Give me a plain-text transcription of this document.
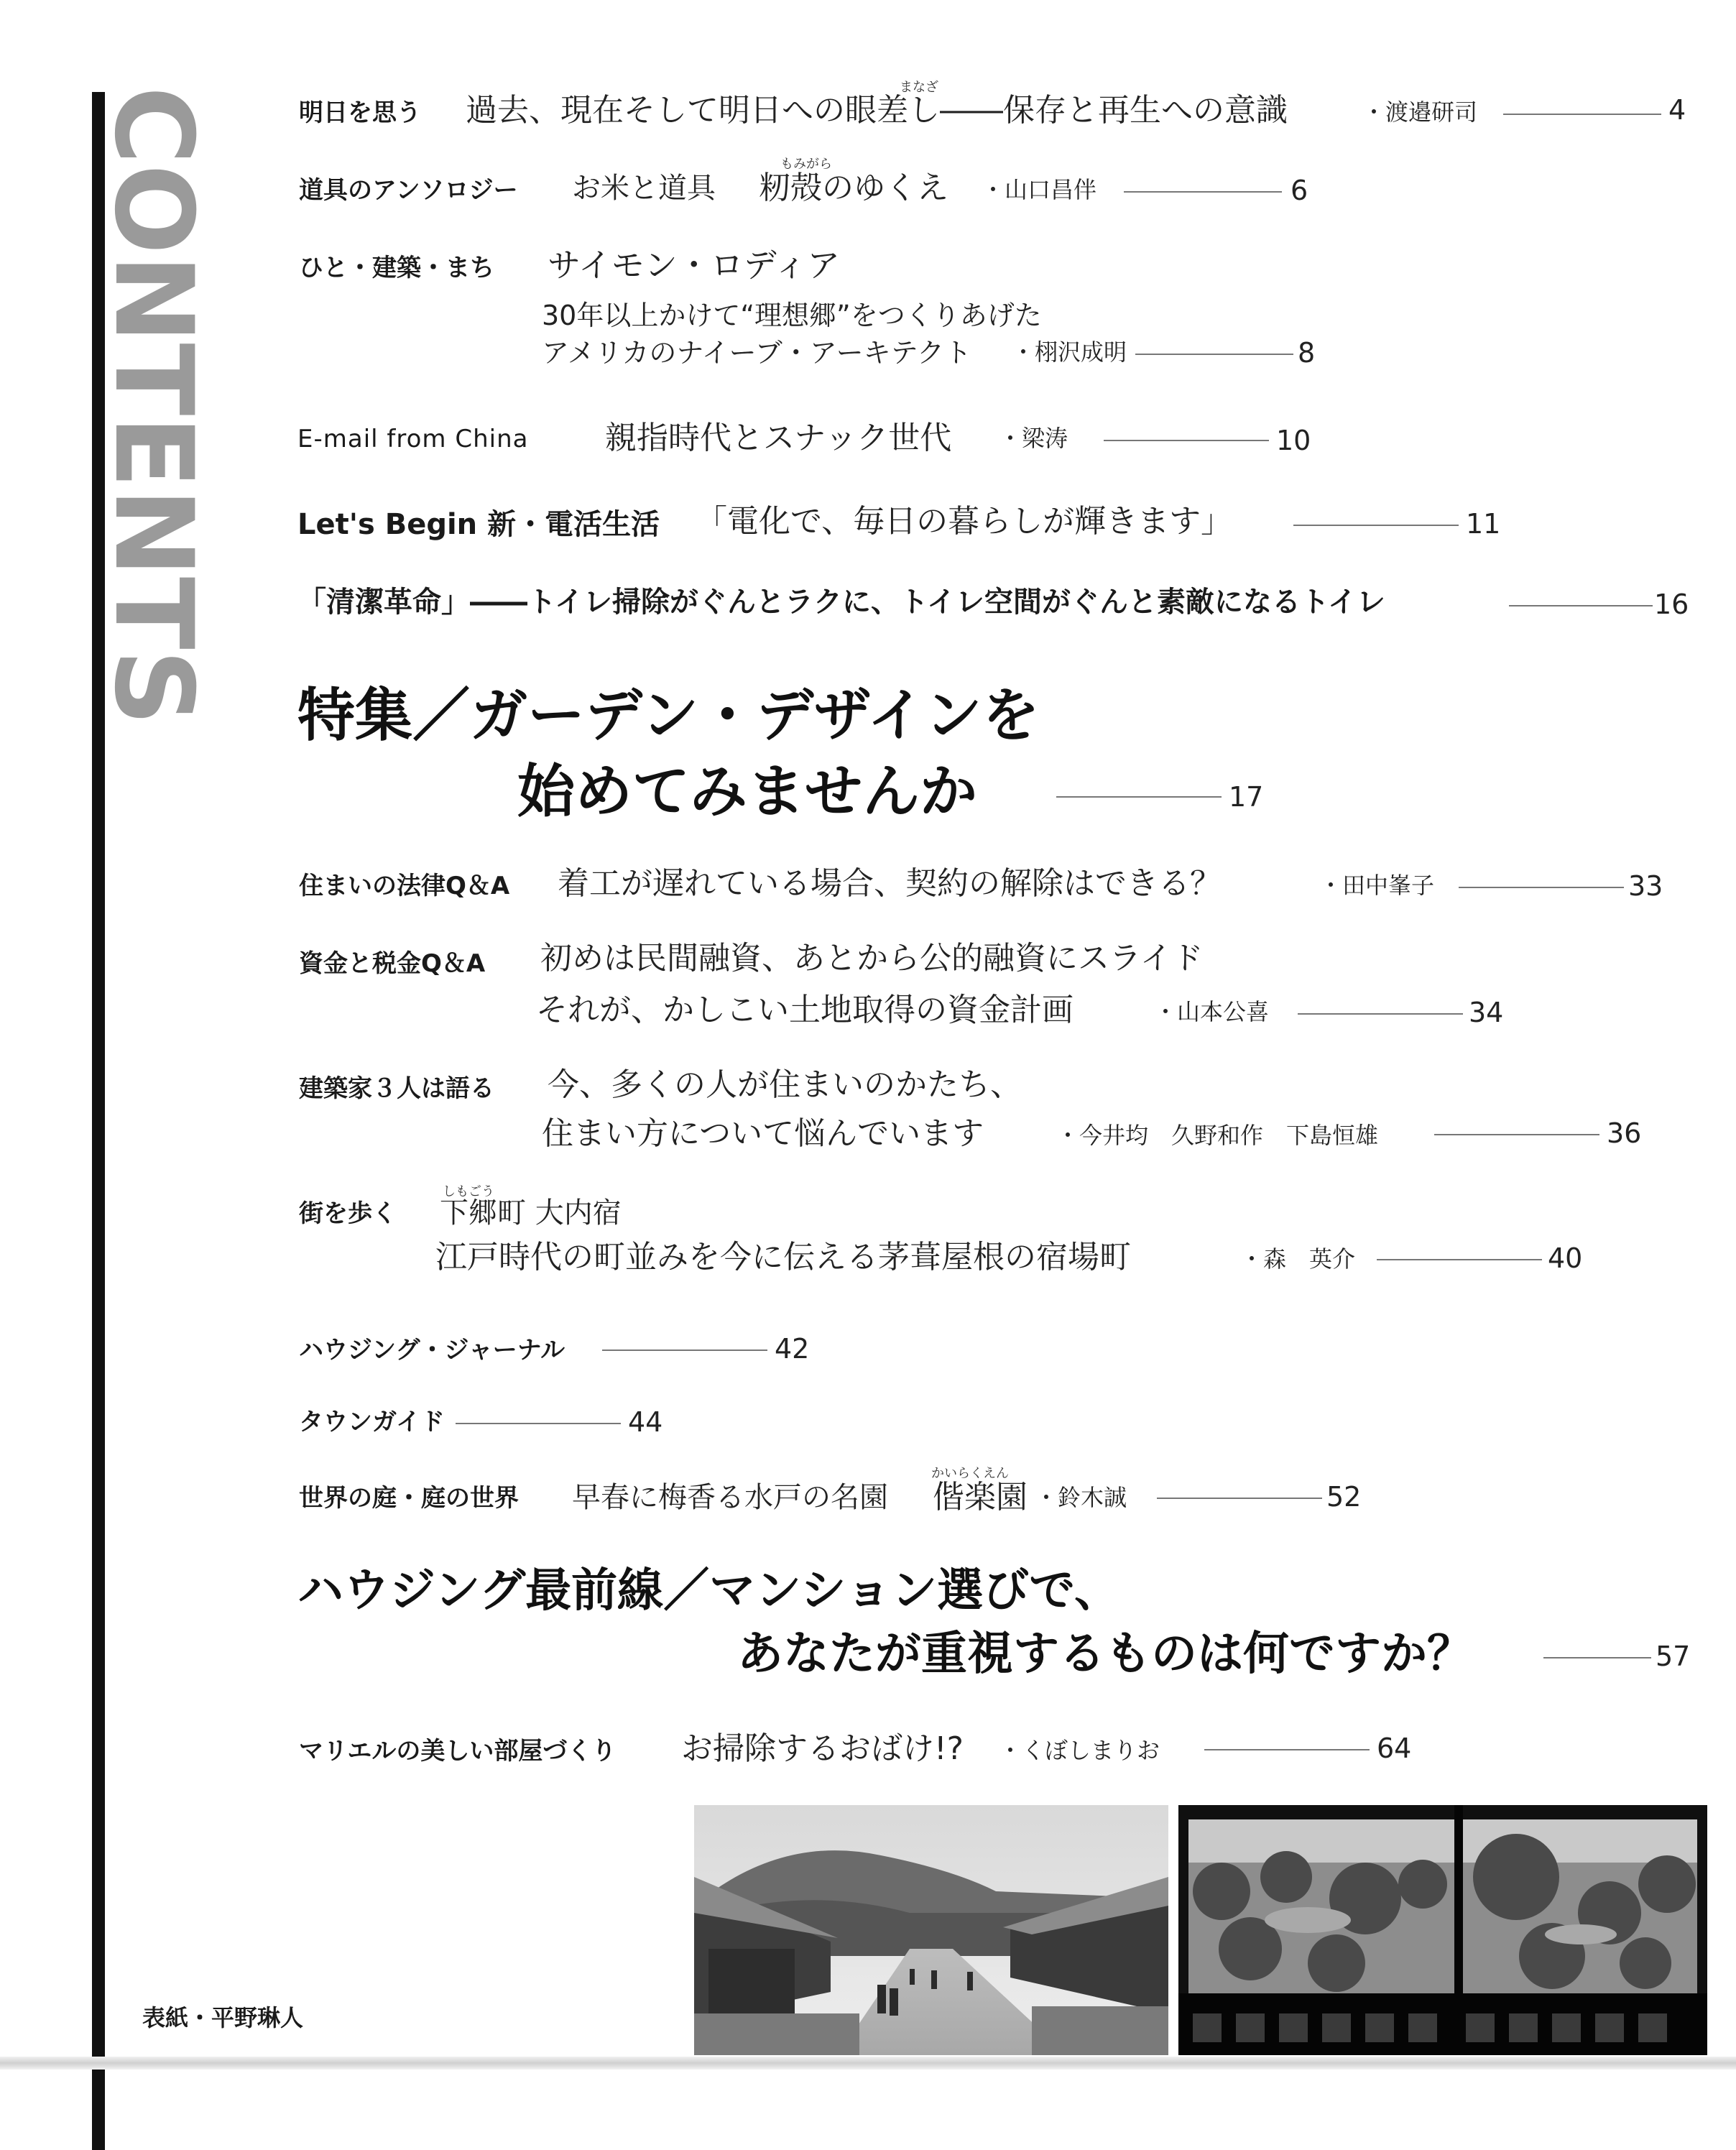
CONTENTS	明日を思う
まなざ
過去、現在そして明日への眼差し――保存と再生への意識	・渡邉研司	4
道具のアンソロジー お米と道具
もみがら
籾殻のゆくえ ・山口昌伴	6
ひと・建築・まち サイモン・ロディア
30年以上かけて“理想郷”をつくりあげた
アメリカのナイーブ・アーキテクト ・栩沢成明	8
E-mail from China 親指時代とスナック世代 ・梁涛	10
Let's Begin 新・電活生活 「電化で、毎日の暮らしが輝きます」	11
「清潔革命」――トイレ掃除がぐんとラクに、トイレ空間がぐんと素敵になるトイレ	16
特集／ガーデン・デザインを
始めてみませんか	17
住まいの法律Q＆A 着工が遅れている場合、契約の解除はできる？	・田中峯子	33
資金と税金Q＆A 初めは民間融資、あとから公的融資にスライド
それが、かしこい土地取得の資金計画	・山本公喜	34
建築家３人は語る 今、多くの人が住まいのかたち、
住まい方について悩んでいます	・今井均　久野和作　下島恒雄	36
街を歩く
しもごう
下郷町 大内宿
江戸時代の町並みを今に伝える茅葺屋根の宿場町	・森　英介	40
ハウジング・ジャーナル	42
タウンガイド	44
世界の庭・庭の世界 早春に梅香る水戸の名園
かいらくえん
偕楽園 ・鈴木誠	52
ハウジング最前線／マンション選びで、
あなたが重視するものは何ですか？	57
マリエルの美しい部屋づくり お掃除するおばけ!? ・くぼしまりお	64
表紙・平野琳人
